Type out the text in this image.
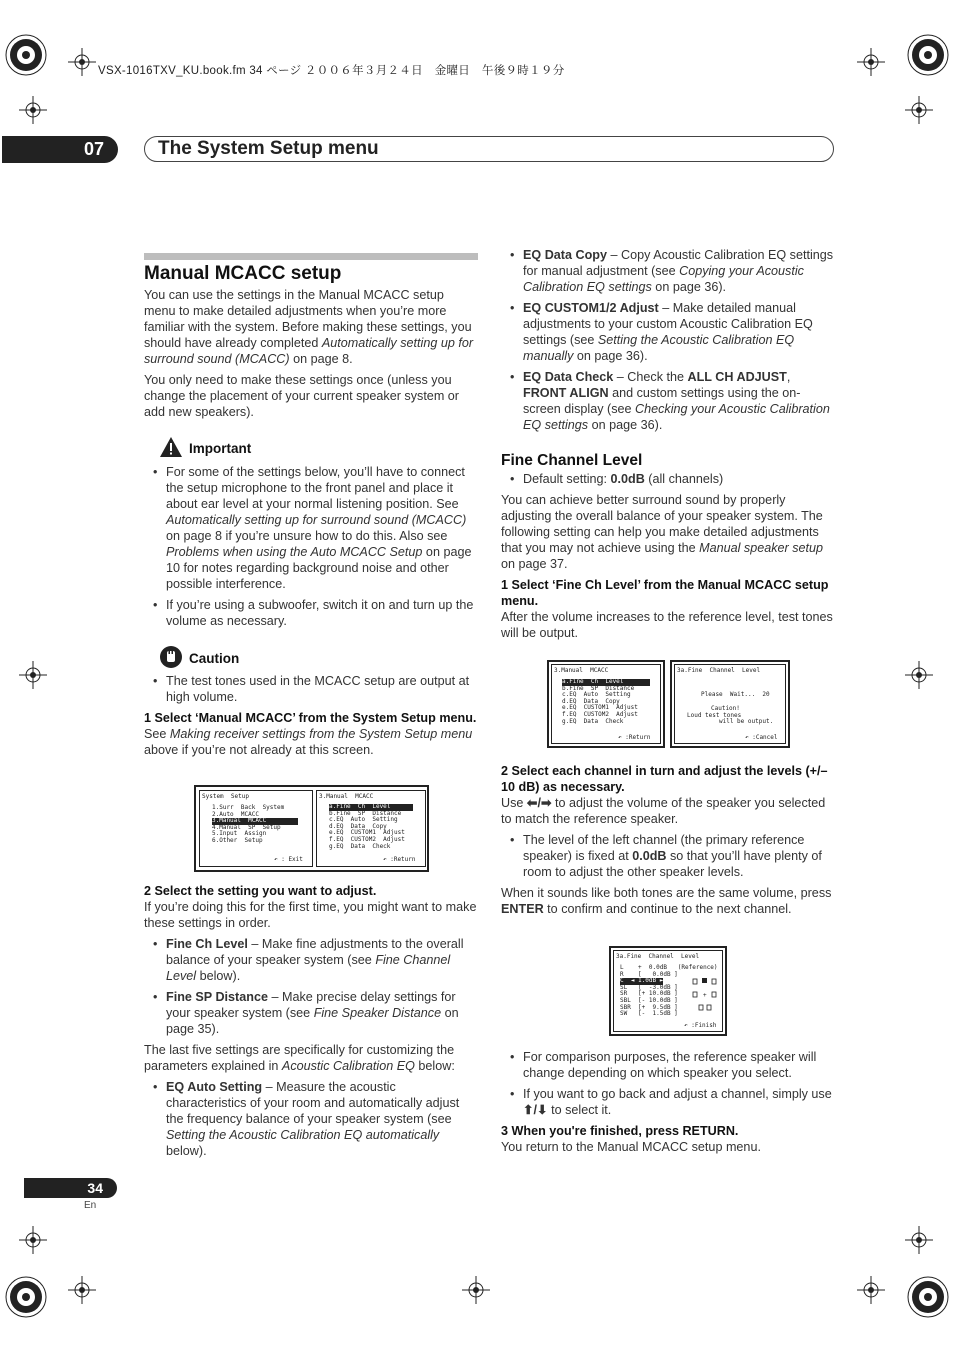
VSX-1016TXV_KU.book.fm 34 ページ ２００６年３月２４日　金曜日　午後９時１９分
07	The System Setup menu
Manual MCACC setup

You can use the settings in the Manual MCACC setup menu to make detailed adjustments when you’re more familiar with the system. Before making these settings, you should have already completed Automatically setting up for surround sound (MCACC) on page 8.

You only need to make these settings once (unless you change the placement of your current speaker system or add new speakers).

Important
• For some of the settings below, you’ll have to connect the setup microphone to the front panel and place it about ear level at your normal listening position. See Automatically setting up for surround sound (MCACC) on page 8 if you’re unsure how to do this. Also see Problems when using the Auto MCACC Setup on page 10 for notes regarding background noise and other possible interference.
• If you’re using a subwoofer, switch it on and turn up the volume as necessary.
Caution
• The test tones used in the MCACC setup are output at high volume.
1 Select ‘Manual MCACC’ from the System Setup menu.

See Making receiver settings from the System Setup menu above if you’re not already at this screen.

System  Setup
1.Surr  Back  System
2.Auto  MCACC
3.Manual  MCACC
4.Manual  SP  Setup
5.Input  Assign
6.Other  Setup
↶ : Exit
3.Manual  MCACC
a.Fine  Ch  Level
b.Fine  SP  Distance
c.EQ  Auto  Setting
d.EQ  Data  Copy
e.EQ  CUSTOM1  Adjust
f.EQ  CUSTOM2  Adjust
g.EQ  Data  Check
↶ :Return
2 Select the setting you want to adjust.

If you’re doing this for the first time, you might want to make these settings in order.

• Fine Ch Level – Make fine adjustments to the overall balance of your speaker system (see Fine Channel Level below).
• Fine SP Distance – Make precise delay settings for your speaker system (see Fine Speaker Distance on page 35).

The last five settings are specifically for customizing the parameters explained in Acoustic Calibration EQ below:

• EQ Auto Setting – Measure the acoustic characteristics of your room and automatically adjust the frequency balance of your speaker system (see Setting the Acoustic Calibration EQ automatically below).
• EQ Data Copy – Copy Acoustic Calibration EQ settings for manual adjustment (see Copying your Acoustic Calibration EQ settings on page 36).
• EQ CUSTOM1/2 Adjust – Make detailed manual adjustments to your custom Acoustic Calibration EQ settings (see Setting the Acoustic Calibration EQ manually on page 36).
• EQ Data Check – Check the ALL CH ADJUST, FRONT ALIGN and custom settings using the on-screen display (see Checking your Acoustic Calibration EQ settings on page 36).
Fine Channel Level
• Default setting: 0.0dB (all channels)

You can achieve better surround sound by properly adjusting the overall balance of your speaker system. The following setting can help you make detailed adjustments that you may not achieve using the Manual speaker setup on page 37.

1 Select ‘Fine Ch Level’ from the Manual MCACC setup menu.

After the volume increases to the reference level, test tones will be output.

3.Manual  MCACC
a.Fine  Ch  Level
b.Fine  SP  Distance
c.EQ  Auto  Setting
d.EQ  Data  Copy
e.EQ  CUSTOM1  Adjust
f.EQ  CUSTOM2  Adjust
g.EQ  Data  Check
↶ :Return
3a.Fine  Channel  Level
Please  Wait...  20
Caution!
Loud test tones
will be output.
↶ :Cancel
2 Select each channel in turn and adjust the levels (+/– 10 dB) as necessary.

Use ⬅/➡ to adjust the volume of the speaker you selected to match the reference speaker.

• The level of the left channel (the primary reference speaker) is fixed at 0.0dB so that you’ll have plenty of room to adjust the other speaker levels.

When it sounds like both tones are the same volume, press ENTER to confirm and continue to the next channel.

3a.Fine  Channel  Level
L    +  0.0dB   (Reference)
R    [   0.0dB ]
C  ◄ 1.0dB ►
SL   [  -3.0dB ]
SR   [+ 10.0dB ]
SBL  [- 10.0dB ]
SBR  [+  9.5dB ]
SW   [-  1.5dB ]
+
↶ :Finish
• For comparison purposes, the reference speaker will change depending on which speaker you select.
• If you want to go back and adjust a channel, simply use ⬆/⬇ to select it.
3 When you're finished, press RETURN.

You return to the Manual MCACC setup menu.

34
En
